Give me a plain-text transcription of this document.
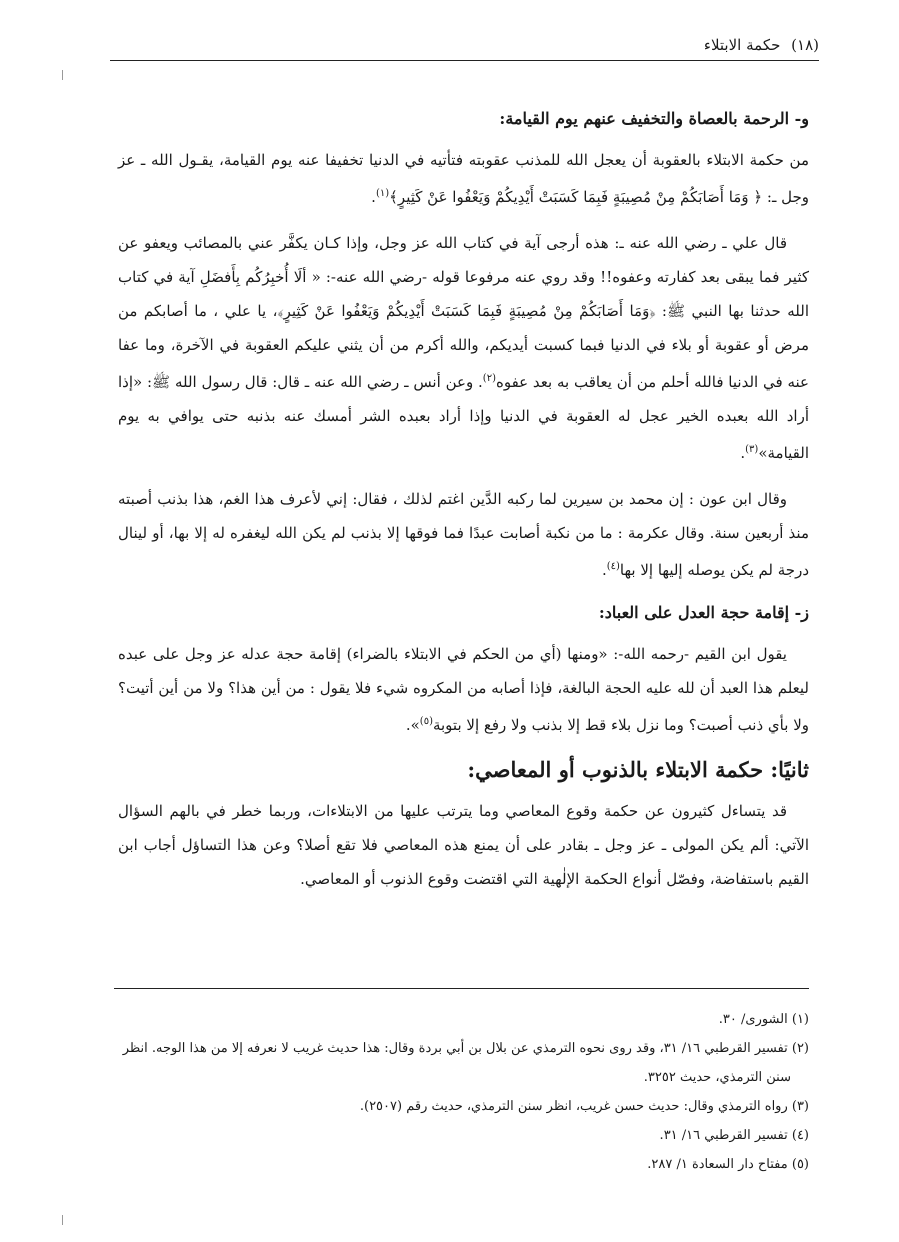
(١٨) حكمة الابتلاء

و- الرحمة بالعصاة والتخفيف عنهم يوم القيامة:

من حكمة الابتلاء بالعقوبة أن يعجل الله للمذنب عقوبته فتأتيه في الدنيا تخفيفا عنه يوم القيامة، يقـول الله ـ عز وجل ـ: ﴿ وَمَا أَصَابَكُمْ مِنْ مُصِيبَةٍ فَبِمَا كَسَبَتْ أَيْدِيكُمْ وَيَعْفُوا عَنْ كَثِيرٍ﴾$^{(١)}$.

قال علي ـ رضي الله عنه ـ: هذه أرجى آية في كتاب الله عز وجل، وإذا كـان يكفَّر عني بالمصائب ويعفو عن كثير فما يبقى بعد كفارته وعفوه!! وقد روي عنه مرفوعا قوله -رضي الله عنه-: « ألَا أُخبِرُكُم بِأَفضَلِ آية في كتاب الله حدثنا بها النبي ﷺ: ﴿وَمَا أَصَابَكُمْ مِنْ مُصِيبَةٍ فَبِمَا كَسَبَتْ أَيْدِيكُمْ وَيَعْفُوا عَنْ كَثِيرٍ﴾، يا علي ، ما أصابكم من مرض أو عقوبة أو بلاء في الدنيا فبما كسبت أيديكم، والله أكرم من أن يثني عليكم العقوبة في الآخرة، وما عفا عنه في الدنيا فالله أحلم من أن يعاقب به بعد عفوه$^{(٢)}$. وعن أنس ـ رضي الله عنه ـ قال: قال رسول الله ﷺ: «إذا أراد الله بعبده الخير عجل له العقوبة في الدنيا وإذا أراد بعبده الشر أمسك عنه بذنبه حتى يوافي به يوم القيامة»$^{(٣)}$.

وقال ابن عون : إن محمد بن سيرين لما ركبه الدَّين اغتم لذلك ، فقال: إني لأعرف هذا الغم، هذا بذنب أصبته منذ أربعين سنة. وقال عكرمة : ما من نكبة أصابت عبدًا فما فوقها إلا بذنب لم يكن الله ليغفره له إلا بها، أو لينال درجة لم يكن يوصله إليها إلا بها$^{(٤)}$.

ز- إقامة حجة العدل على العباد:

يقول ابن القيم -رحمه الله-: «ومنها (أي من الحكم في الابتلاء بالضراء) إقامة حجة عدله عز وجل على عبده ليعلم هذا العبد أن لله عليه الحجة البالغة، فإذا أصابه من المكروه شيء فلا يقول : من أين هذا؟ ولا من أين أتيت؟ ولا بأي ذنب أصبت؟ وما نزل بلاء قط إلا بذنب ولا رفع إلا بتوبة$^{(٥)}$».

ثانيًا: حكمة الابتلاء بالذنوب أو المعاصي:

قد يتساءل كثيرون عن حكمة وقوع المعاصي وما يترتب عليها من الابتلاءات، وربما خطر في بالهم السؤال الآتي: ألم يكن المولى ـ عز وجل ـ بقادر على أن يمنع هذه المعاصي فلا تقع أصلا؟ وعن هذا التساؤل أجاب ابن القيم باستفاضة، وفصّل أنواع الحكمة الإلٰهية التي اقتضت وقوع الذنوب أو المعاصي.

(١) الشورى/ ٣٠.

(٢) تفسير القرطبي ١٦/ ٣١، وقد روى نحوه الترمذي عن بلال بن أبي بردة وقال: هذا حديث غريب لا نعرفه إلا من هذا الوجه. انظر
سنن الترمذي، حديث ٣٢٥٢.

(٣) رواه الترمذي وقال: حديث حسن غريب، انظر سنن الترمذي، حديث رقم (٢٥٠٧).

(٤) تفسير القرطبي ١٦/ ٣١.

(٥) مفتاح دار السعادة ١/ ٢٨٧.
